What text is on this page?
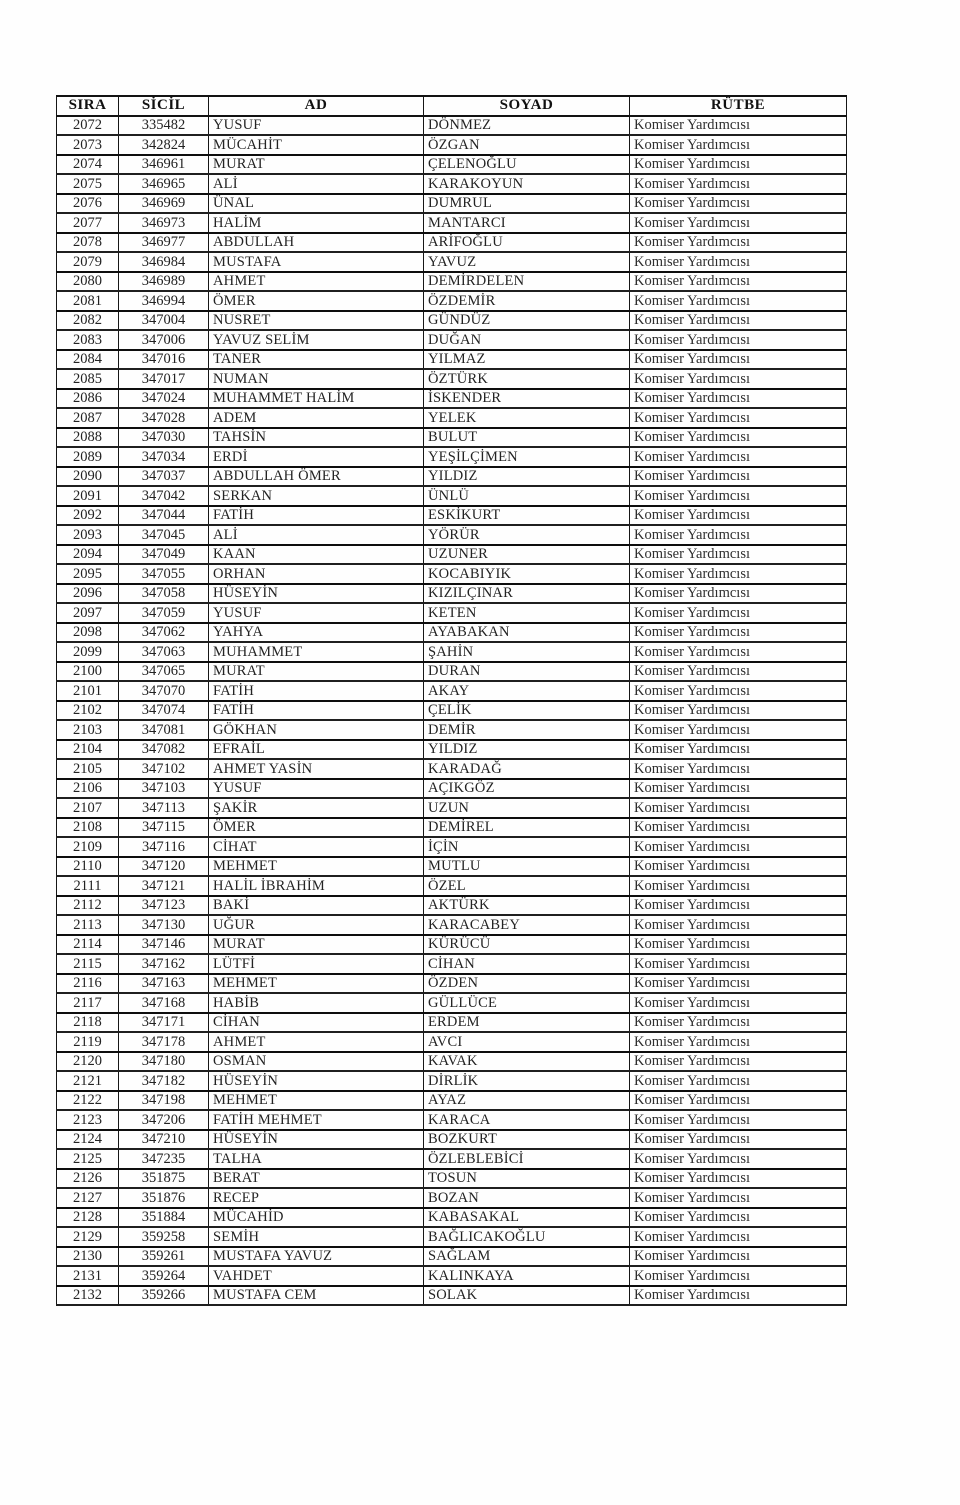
SIRA	SİCİL	AD	SOYAD	RÜTBE
2072	335482	YUSUF	DÖNMEZ	Komiser Yardımcısı
2073	342824	MÜCAHİT	ÖZGAN	Komiser Yardımcısı
2074	346961	MURAT	ÇELENOĞLU	Komiser Yardımcısı
2075	346965	ALİ	KARAKOYUN	Komiser Yardımcısı
2076	346969	ÜNAL	DUMRUL	Komiser Yardımcısı
2077	346973	HALİM	MANTARCI	Komiser Yardımcısı
2078	346977	ABDULLAH	ARİFOĞLU	Komiser Yardımcısı
2079	346984	MUSTAFA	YAVUZ	Komiser Yardımcısı
2080	346989	AHMET	DEMİRDELEN	Komiser Yardımcısı
2081	346994	ÖMER	ÖZDEMİR	Komiser Yardımcısı
2082	347004	NUSRET	GÜNDÜZ	Komiser Yardımcısı
2083	347006	YAVUZ SELİM	DUĞAN	Komiser Yardımcısı
2084	347016	TANER	YILMAZ	Komiser Yardımcısı
2085	347017	NUMAN	ÖZTÜRK	Komiser Yardımcısı
2086	347024	MUHAMMET HALİM	İSKENDER	Komiser Yardımcısı
2087	347028	ADEM	YELEK	Komiser Yardımcısı
2088	347030	TAHSİN	BULUT	Komiser Yardımcısı
2089	347034	ERDİ	YEŞİLÇİMEN	Komiser Yardımcısı
2090	347037	ABDULLAH ÖMER	YILDIZ	Komiser Yardımcısı
2091	347042	SERKAN	ÜNLÜ	Komiser Yardımcısı
2092	347044	FATİH	ESKİKURT	Komiser Yardımcısı
2093	347045	ALİ	YÖRÜR	Komiser Yardımcısı
2094	347049	KAAN	UZUNER	Komiser Yardımcısı
2095	347055	ORHAN	KOCABIYIK	Komiser Yardımcısı
2096	347058	HÜSEYİN	KIZILÇINAR	Komiser Yardımcısı
2097	347059	YUSUF	KETEN	Komiser Yardımcısı
2098	347062	YAHYA	AYABAKAN	Komiser Yardımcısı
2099	347063	MUHAMMET	ŞAHİN	Komiser Yardımcısı
2100	347065	MURAT	DURAN	Komiser Yardımcısı
2101	347070	FATİH	AKAY	Komiser Yardımcısı
2102	347074	FATİH	ÇELİK	Komiser Yardımcısı
2103	347081	GÖKHAN	DEMİR	Komiser Yardımcısı
2104	347082	EFRAİL	YILDIZ	Komiser Yardımcısı
2105	347102	AHMET YASİN	KARADAĞ	Komiser Yardımcısı
2106	347103	YUSUF	AÇIKGÖZ	Komiser Yardımcısı
2107	347113	ŞAKİR	UZUN	Komiser Yardımcısı
2108	347115	ÖMER	DEMİREL	Komiser Yardımcısı
2109	347116	CİHAT	İÇİN	Komiser Yardımcısı
2110	347120	MEHMET	MUTLU	Komiser Yardımcısı
2111	347121	HALİL İBRAHİM	ÖZEL	Komiser Yardımcısı
2112	347123	BAKİ	AKTÜRK	Komiser Yardımcısı
2113	347130	UĞUR	KARACABEY	Komiser Yardımcısı
2114	347146	MURAT	KÜRÜCÜ	Komiser Yardımcısı
2115	347162	LÜTFİ	CİHAN	Komiser Yardımcısı
2116	347163	MEHMET	ÖZDEN	Komiser Yardımcısı
2117	347168	HABİB	GÜLLÜCE	Komiser Yardımcısı
2118	347171	CİHAN	ERDEM	Komiser Yardımcısı
2119	347178	AHMET	AVCI	Komiser Yardımcısı
2120	347180	OSMAN	KAVAK	Komiser Yardımcısı
2121	347182	HÜSEYİN	DİRLİK	Komiser Yardımcısı
2122	347198	MEHMET	AYAZ	Komiser Yardımcısı
2123	347206	FATİH MEHMET	KARACA	Komiser Yardımcısı
2124	347210	HÜSEYİN	BOZKURT	Komiser Yardımcısı
2125	347235	TALHA	ÖZLEBLEBİCİ	Komiser Yardımcısı
2126	351875	BERAT	TOSUN	Komiser Yardımcısı
2127	351876	RECEP	BOZAN	Komiser Yardımcısı
2128	351884	MÜCAHİD	KABASAKAL	Komiser Yardımcısı
2129	359258	SEMİH	BAĞLICAKOĞLU	Komiser Yardımcısı
2130	359261	MUSTAFA YAVUZ	SAĞLAM	Komiser Yardımcısı
2131	359264	VAHDET	KALINKAYA	Komiser Yardımcısı
2132	359266	MUSTAFA CEM	SOLAK	Komiser Yardımcısı
